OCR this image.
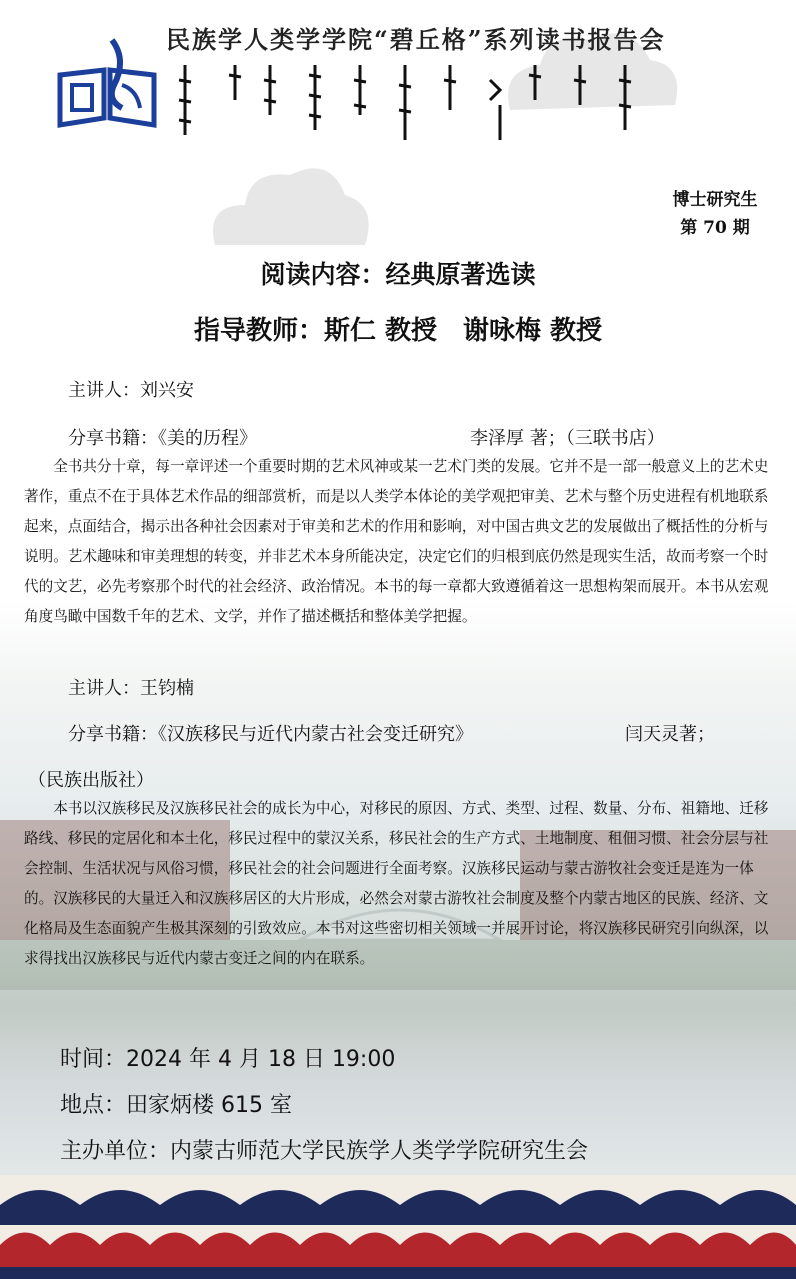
民族学人类学学院“碧丘格”系列读书报告会
博士研究生
第 70 期
阅读内容：经典原著选读
指导教师：斯仁 教授　谢咏梅 教授
主讲人：刘兴安
分享书籍：《美的历程》	李泽厚 著；（三联书店）
全书共分十章，每一章评述一个重要时期的艺术风神或某一艺术门类的发展。它并不是一部一般意义上的艺术史著作，重点不在于具体艺术作品的细部赏析，而是以人类学本体论的美学观把审美、艺术与整个历史进程有机地联系起来，点面结合，揭示出各种社会因素对于审美和艺术的作用和影响，对中国古典文艺的发展做出了概括性的分析与说明。艺术趣味和审美理想的转变，并非艺术本身所能决定，决定它们的归根到底仍然是现实生活，故而考察一个时代的文艺，必先考察那个时代的社会经济、政治情况。本书的每一章都大致遵循着这一思想构架而展开。本书从宏观角度鸟瞰中国数千年的艺术、文学，并作了描述概括和整体美学把握。
主讲人：王钧楠
分享书籍：《汉族移民与近代内蒙古社会变迁研究》	闫天灵著；
（民族出版社）
本书以汉族移民及汉族移民社会的成长为中心，对移民的原因、方式、类型、过程、数量、分布、祖籍地、迁移路线、移民的定居化和本土化，移民过程中的蒙汉关系，移民社会的生产方式、土地制度、租佃习惯、社会分层与社会控制、生活状况与风俗习惯，移民社会的社会问题进行全面考察。汉族移民运动与蒙古游牧社会变迁是连为一体的。汉族移民的大量迁入和汉族移居区的大片形成，必然会对蒙古游牧社会制度及整个内蒙古地区的民族、经济、文化格局及生态面貌产生极其深刻的引致效应。本书对这些密切相关领域一并展开讨论，将汉族移民研究引向纵深，以求得找出汉族移民与近代内蒙古变迁之间的内在联系。
时间：2024 年 4 月 18 日 19:00
地点：田家炳楼 615 室
主办单位：内蒙古师范大学民族学人类学学院研究生会
